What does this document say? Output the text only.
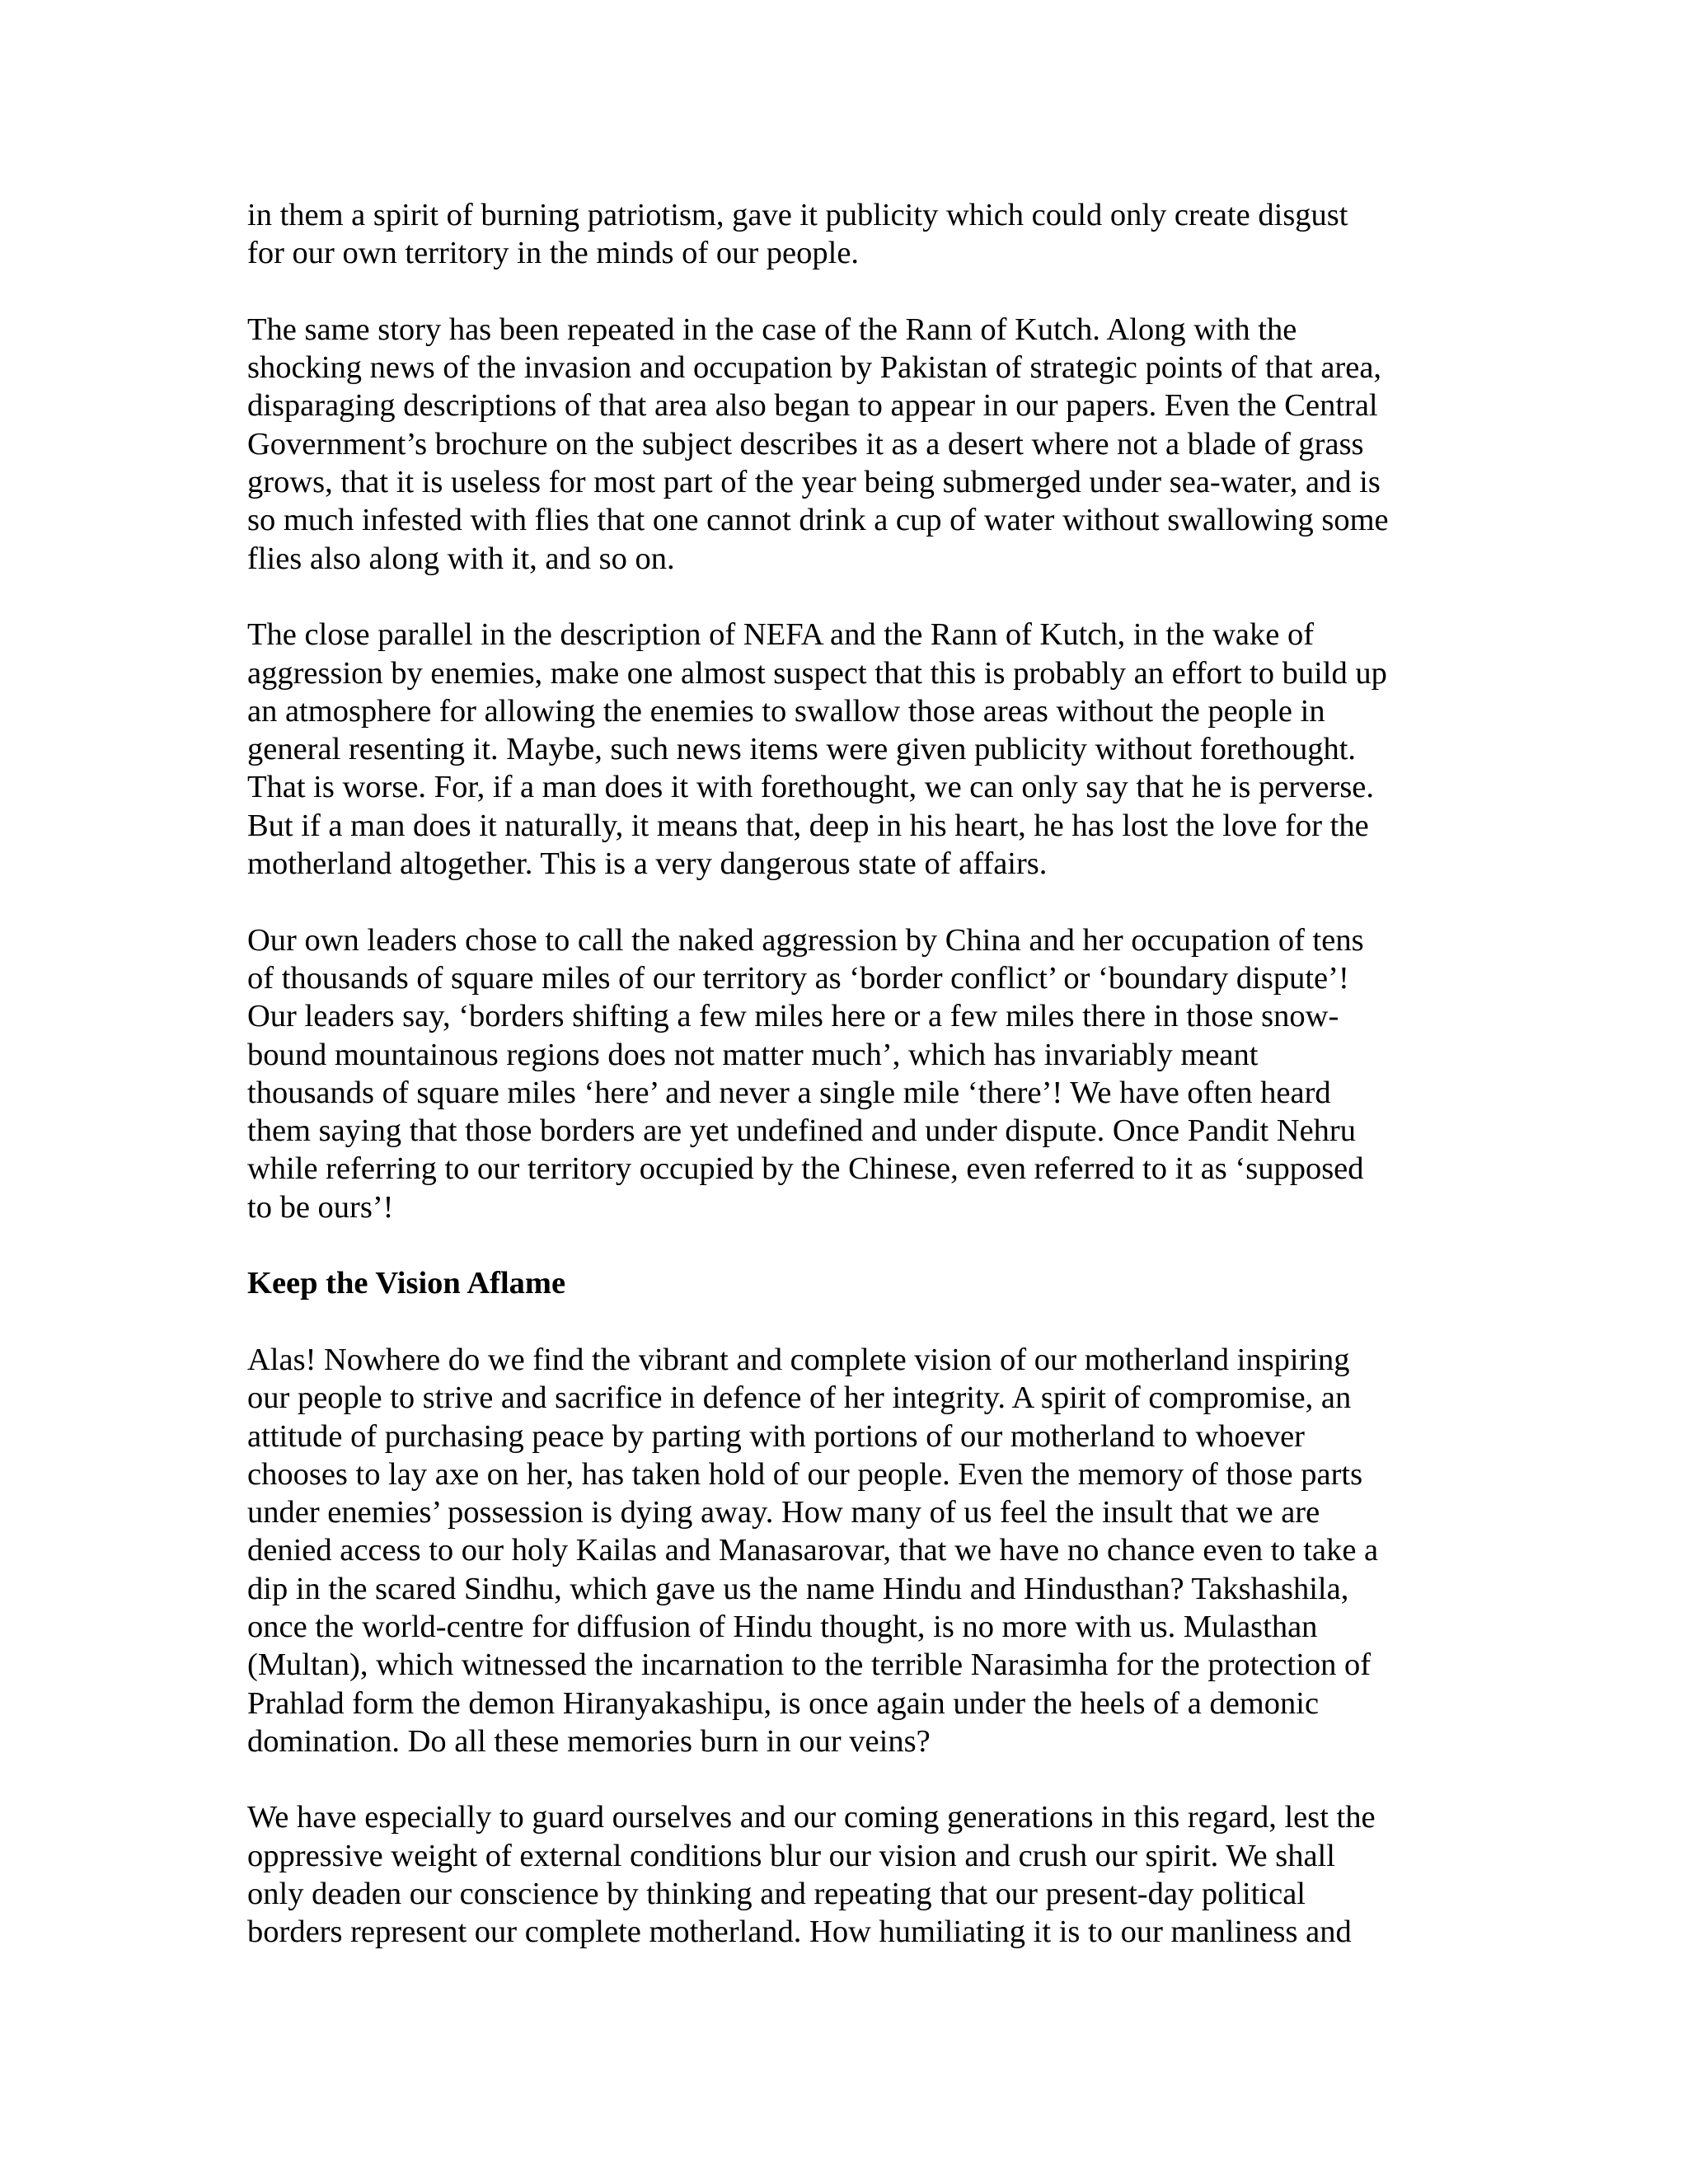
in them a spirit of burning patriotism, gave it publicity which could only create disgust
for our own territory in the minds of our people.
The same story has been repeated in the case of the Rann of Kutch. Along with the
shocking news of the invasion and occupation by Pakistan of strategic points of that area,
disparaging descriptions of that area also began to appear in our papers. Even the Central
Government’s brochure on the subject describes it as a desert where not a blade of grass
grows, that it is useless for most part of the year being submerged under sea-water, and is
so much infested with flies that one cannot drink a cup of water without swallowing some
flies also along with it, and so on.
The close parallel in the description of NEFA and the Rann of Kutch, in the wake of
aggression by enemies, make one almost suspect that this is probably an effort to build up
an atmosphere for allowing the enemies to swallow those areas without the people in
general resenting it. Maybe, such news items were given publicity without forethought.
That is worse. For, if a man does it with forethought, we can only say that he is perverse.
But if a man does it naturally, it means that, deep in his heart, he has lost the love for the
motherland altogether. This is a very dangerous state of affairs.
Our own leaders chose to call the naked aggression by China and her occupation of tens
of thousands of square miles of our territory as ‘border conflict’ or ‘boundary dispute’!
Our leaders say, ‘borders shifting a few miles here or a few miles there in those snow-
bound mountainous regions does not matter much’, which has invariably meant
thousands of square miles ‘here’ and never a single mile ‘there’! We have often heard
them saying that those borders are yet undefined and under dispute. Once Pandit Nehru
while referring to our territory occupied by the Chinese, even referred to it as ‘supposed
to be ours’!
Keep the Vision Aflame
Alas! Nowhere do we find the vibrant and complete vision of our motherland inspiring
our people to strive and sacrifice in defence of her integrity. A spirit of compromise, an
attitude of purchasing peace by parting with portions of our motherland to whoever
chooses to lay axe on her, has taken hold of our people. Even the memory of those parts
under enemies’ possession is dying away. How many of us feel the insult that we are
denied access to our holy Kailas and Manasarovar, that we have no chance even to take a
dip in the scared Sindhu, which gave us the name Hindu and Hindusthan? Takshashila,
once the world-centre for diffusion of Hindu thought, is no more with us. Mulasthan
(Multan), which witnessed the incarnation to the terrible Narasimha for the protection of
Prahlad form the demon Hiranyakashipu, is once again under the heels of a demonic
domination. Do all these memories burn in our veins?
We have especially to guard ourselves and our coming generations in this regard, lest the
oppressive weight of external conditions blur our vision and crush our spirit. We shall
only deaden our conscience by thinking and repeating that our present-day political
borders represent our complete motherland. How humiliating it is to our manliness and
